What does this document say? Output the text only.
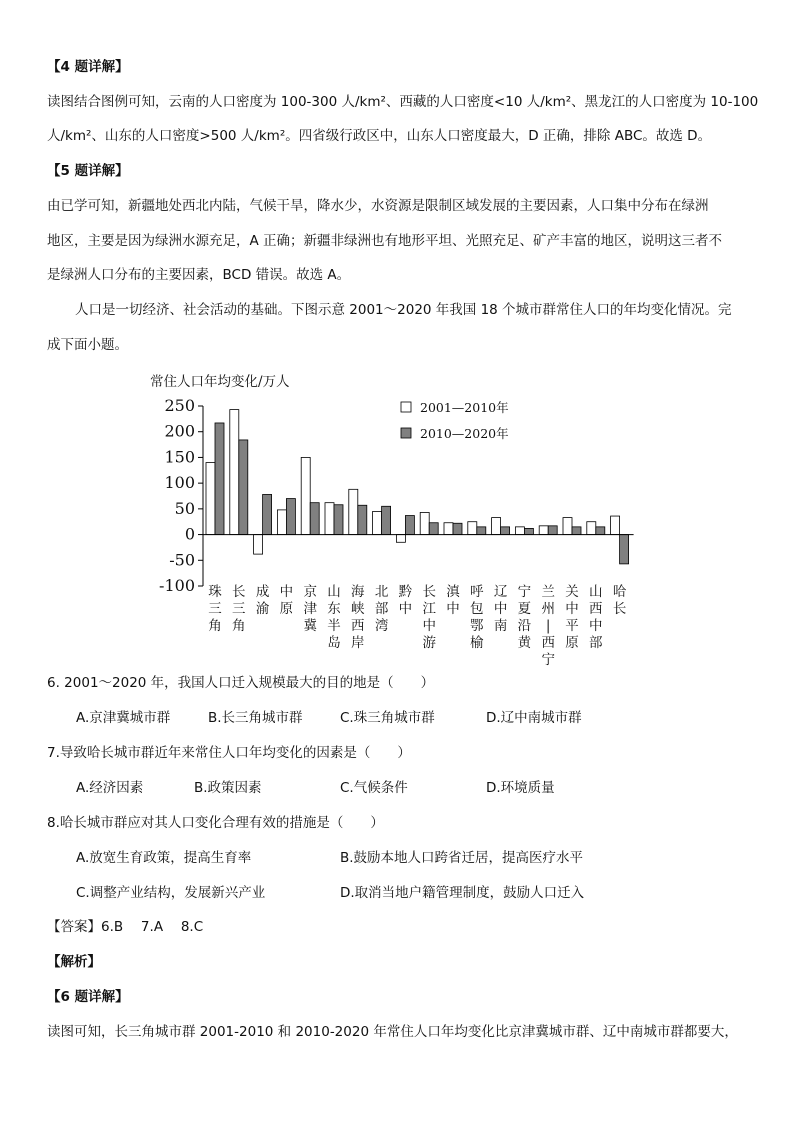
【4 题详解】
读图结合图例可知，云南的人口密度为 100-300 人/km²、西藏的人口密度<10 人/km²、黑龙江的人口密度为 10-100
人/km²、山东的人口密度>500 人/km²。四省级行政区中，山东人口密度最大，D 正确，排除 ABC。故选 D。
【5 题详解】
由已学可知，新疆地处西北内陆，气候干旱，降水少，水资源是限制区域发展的主要因素，人口集中分布在绿洲
地区，主要是因为绿洲水源充足，A 正确；新疆非绿洲也有地形平坦、光照充足、矿产丰富的地区，说明这三者不
是绿洲人口分布的主要因素，BCD 错误。故选 A。
人口是一切经济、社会活动的基础。下图示意 2001～2020 年我国 18 个城市群常住人口的年均变化情况。完
成下面小题。
常住人口年均变化/万人
250
200
150
100
50
0
-50
-100 珠
三
角
长
三
角
成
渝
中
原
京
津
冀
山
东
半
岛
海
峡
西
岸
北
部
湾
黔
中
长
江
中
游
滇
中
呼
包
鄂
榆
辽
中
南
宁
夏
沿
黄
兰
州
|
西
宁
关
中
平
原
山
西
中
部
哈
长
2001—2010年
2010—2020年
6. 2001～2020 年，我国人口迁入规模最大的目的地是（　　）
A.京津冀城市群	B.长三角城市群	C.珠三角城市群	D.辽中南城市群
7.导致哈长城市群近年来常住人口年均变化的因素是（　　）
A.经济因素	B.政策因素	C.气候条件	D.环境质量
8.哈长城市群应对其人口变化合理有效的措施是（　　）
A.放宽生育政策，提高生育率	B.鼓励本地人口跨省迁居，提高医疗水平
C.调整产业结构，发展新兴产业	D.取消当地户籍管理制度，鼓励人口迁入
【答案】6.B　 7.A　 8.C
【解析】
【6 题详解】
读图可知，长三角城市群 2001-2010 和 2010-2020 年常住人口年均变化比京津冀城市群、辽中南城市群都要大，
